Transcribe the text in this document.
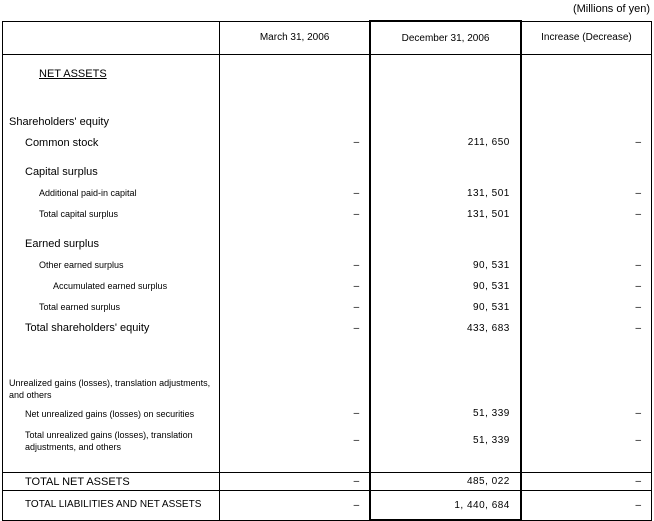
(Millions of yen)
	March 31, 2006	December 31, 2006	Increase (Decrease)
NET ASSETS			

Shareholders' equity			
Common stock	–	211, 650	–

Capital surplus			
Additional paid-in capital	–	131, 501	–
Total capital surplus	–	131, 501	–

Earned surplus			
Other earned surplus	–	90, 531	–
Accumulated earned surplus	–	90, 531	–
Total earned surplus	–	90, 531	–
Total shareholders' equity	–	433, 683	–

Unrealized gains (losses), translation adjustments, and others			
Net unrealized gains (losses) on securities	–	51, 339	–
Total unrealized gains (losses), translation adjustments, and others	–	51, 339	–

TOTAL NET ASSETS	–	485, 022	–
TOTAL LIABILITIES AND NET ASSETS	–	1, 440, 684	–
